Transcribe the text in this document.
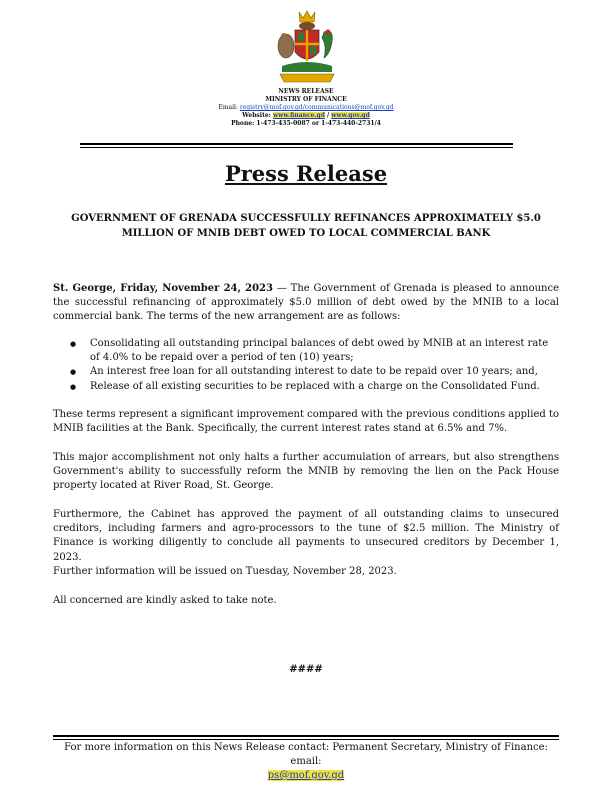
NEWS RELEASE
MINISTRY OF FINANCE
Email: registry@mof.gov.gd/communications@mof.gov.gd
Website: www.finance.gd / www.gov.gd
Phone: 1-473-435-0087 or 1-473-440-2731/4
Press Release
GOVERNMENT OF GRENADA SUCCESSFULLY REFINANCES APPROXIMATELY $5.0 MILLION OF MNIB DEBT OWED TO LOCAL COMMERCIAL BANK
St. George, Friday, November 24, 2023 — The Government of Grenada is pleased to announce the successful refinancing of approximately $5.0 million of debt owed by the MNIB to a local commercial bank. The terms of the new arrangement are as follows:
● Consolidating all outstanding principal balances of debt owed by MNIB at an interest rate of 4.0% to be repaid over a period of ten (10) years;
● An interest free loan for all outstanding interest to date to be repaid over 10 years; and,
● Release of all existing securities to be replaced with a charge on the Consolidated Fund.
These terms represent a significant improvement compared with the previous conditions applied to MNIB facilities at the Bank. Specifically, the current interest rates stand at 6.5% and 7%.
This major accomplishment not only halts a further accumulation of arrears, but also strengthens Government's ability to successfully reform the MNIB by removing the lien on the Pack House property located at River Road, St. George.
Furthermore, the Cabinet has approved the payment of all outstanding claims to unsecured creditors, including farmers and agro-processors to the tune of $2.5 million. The Ministry of Finance is working diligently to conclude all payments to unsecured creditors by December 1, 2023.
Further information will be issued on Tuesday, November 28, 2023.
All concerned are kindly asked to take note.
####
For more information on this News Release contact: Permanent Secretary, Ministry of Finance: email:
ps@mof.gov.gd
